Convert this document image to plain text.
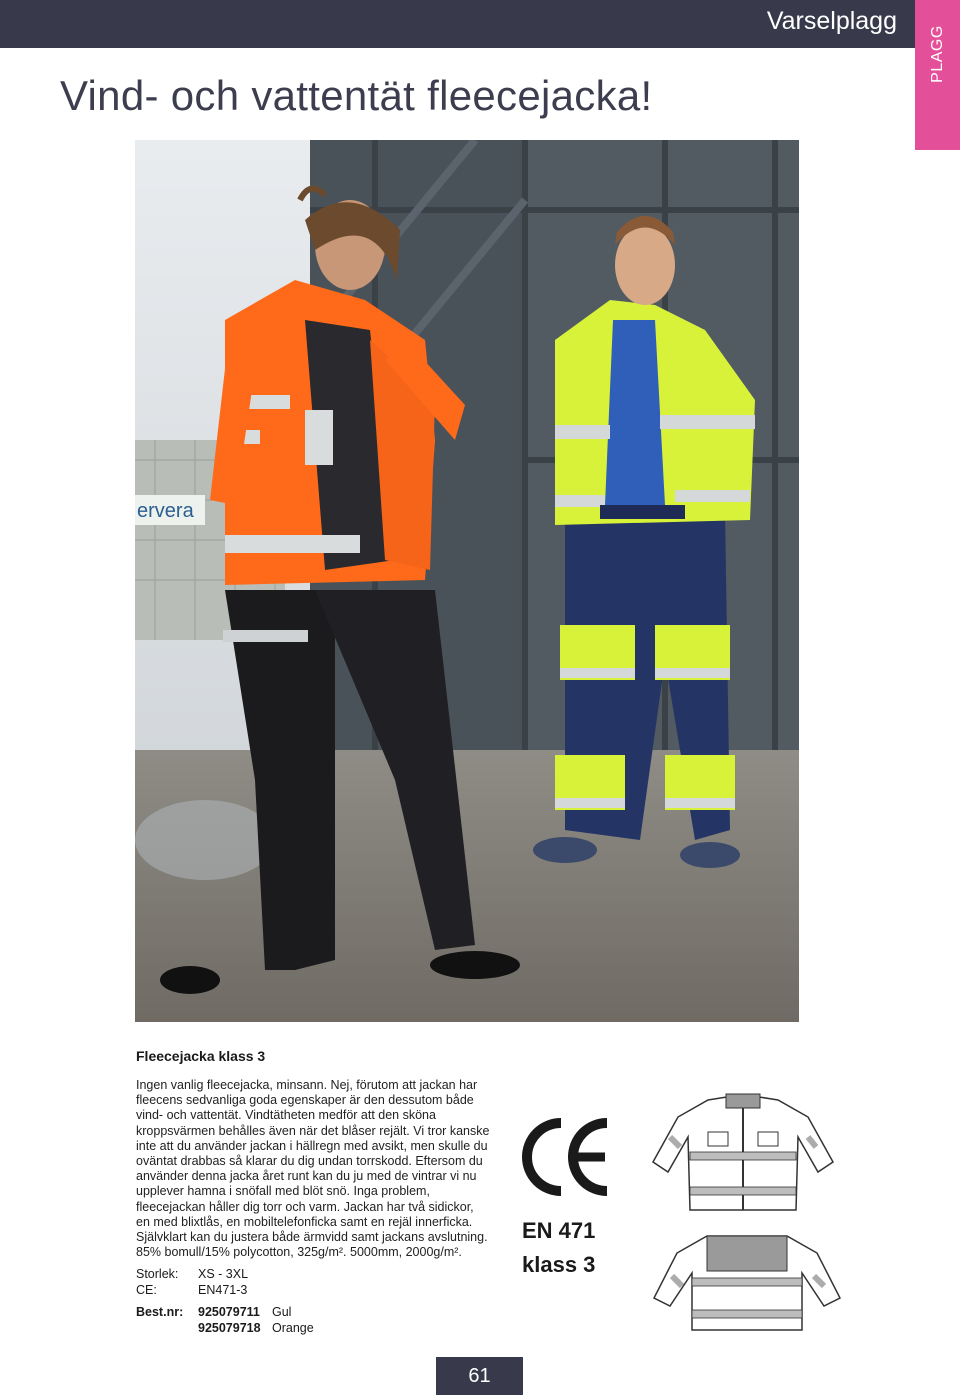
Varselplagg
PLAGG
Vind- och vattentät fleecejacka!
ervera
Fleecejacka klass 3
Ingen vanlig fleecejacka, minsann. Nej, förutom att jackan har fleecens sedvanliga goda egenskaper är den dessutom både vind- och vattentät. Vindtätheten medför att den sköna kroppsvärmen behålles även när det blåser rejält. Vi tror kanske inte att du använder jackan i hällregn med avsikt, men skulle du oväntat drabbas så klarar du dig undan torrskodd. Eftersom du använder denna jacka året runt kan du ju med de vintrar vi nu upplever hamna i snöfall med blöt snö. Inga problem, fleecejackan håller dig torr och varm. Jackan har två sidickor, en med blixtlås, en mobiltelefonficka samt en rejäl innerficka. Självklart kan du justera både ärmvidd samt jackans avslutning. 85% bomull/15% polycotton, 325g/m². 5000mm, 2000g/m².
Storlek:	XS - 3XL
CE:	EN471-3
Best.nr:	925079711 Gul
925079718 Orange
EN 471
klass 3
61
